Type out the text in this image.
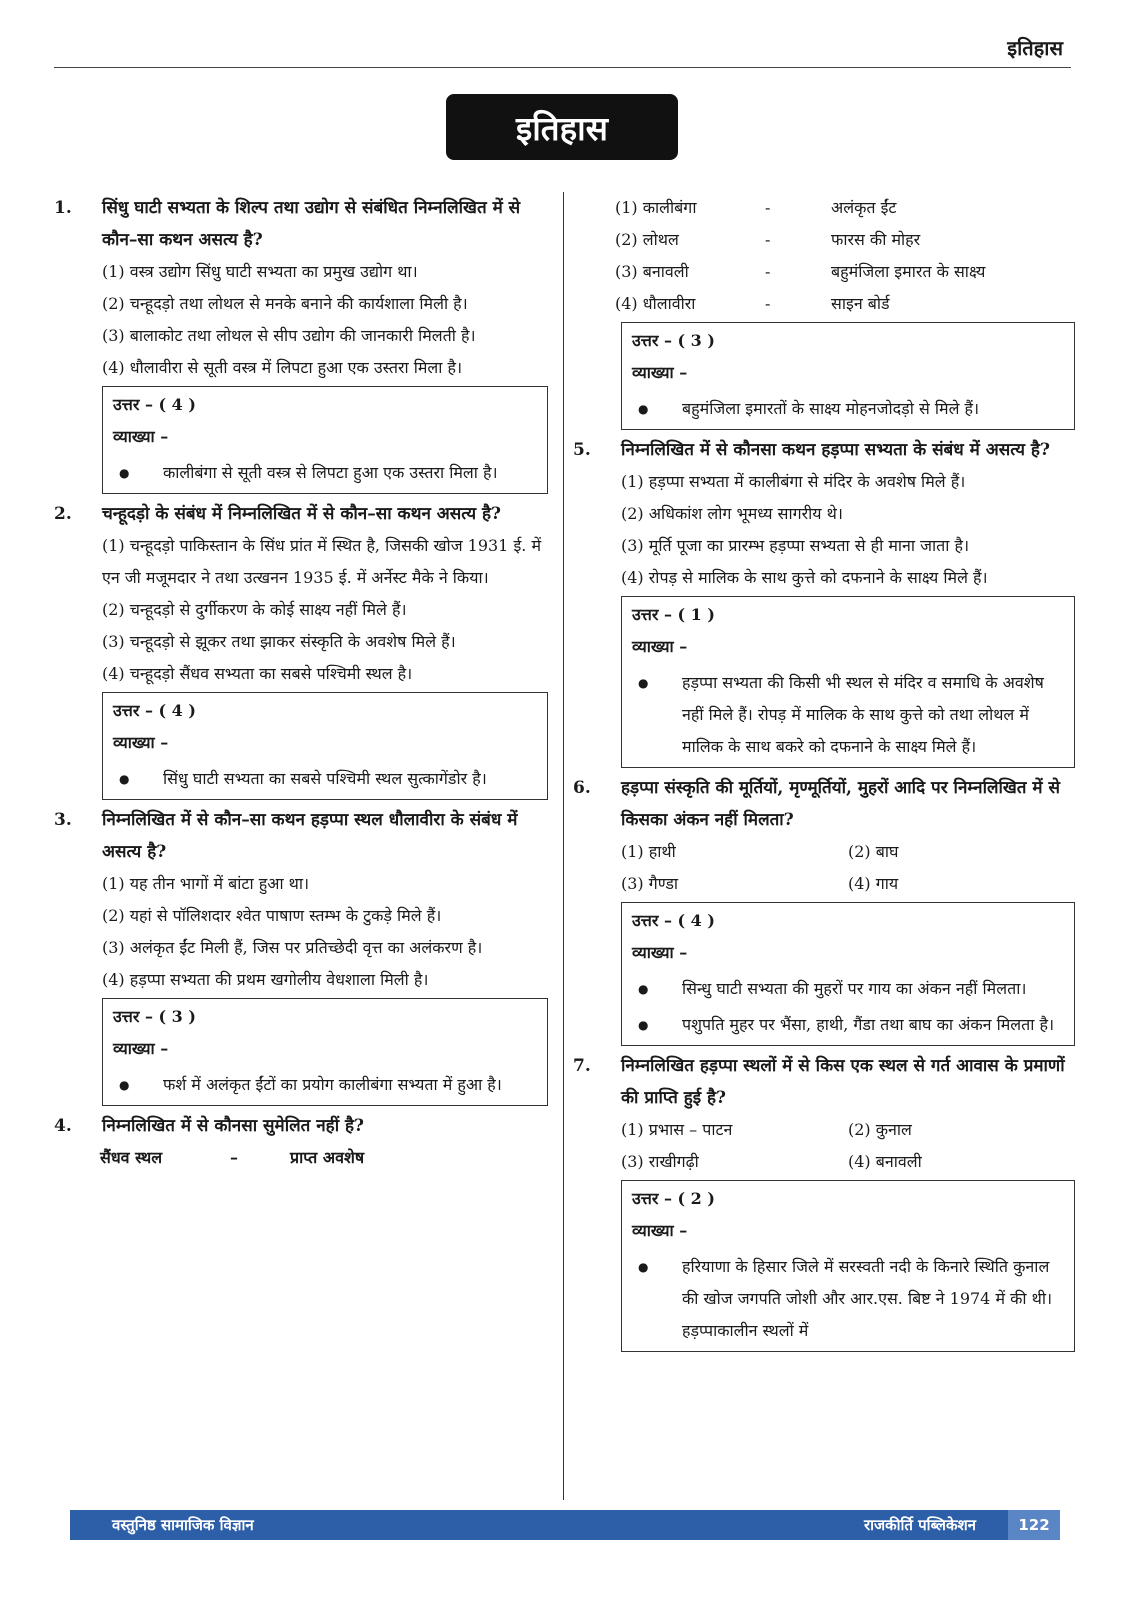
इतिहास
इतिहास
1. सिंधु घाटी सभ्यता के शिल्प तथा उद्योग से संबंधित निम्नलिखित में से कौन–सा कथन असत्य है?
(1) वस्त्र उद्योग सिंधु घाटी सभ्यता का प्रमुख उद्योग था।
(2) चन्हूदड़ो तथा लोथल से मनके बनाने की कार्यशाला मिली है।
(3) बालाकोट तथा लोथल से सीप उद्योग की जानकारी मिलती है।
(4) धौलावीरा से सूती वस्त्र में लिपटा हुआ एक उस्तरा मिला है।
उत्तर – ( 4 )
व्याख्या –
● कालीबंगा से सूती वस्त्र से लिपटा हुआ एक उस्तरा मिला है।
2. चन्हूदड़ो के संबंध में निम्नलिखित में से कौन–सा कथन असत्य है?
(1) चन्हूदड़ो पाकिस्तान के सिंध प्रांत में स्थित है, जिसकी खोज 1931 ई. में एन जी मजूमदार ने तथा उत्खनन 1935 ई. में अर्नेस्ट मैके ने किया।
(2) चन्हूदड़ो से दुर्गीकरण के कोई साक्ष्य नहीं मिले हैं।
(3) चन्हूदड़ो से झूकर तथा झाकर संस्कृति के अवशेष मिले हैं।
(4) चन्हूदड़ो सैंधव सभ्यता का सबसे पश्चिमी स्थल है।
उत्तर – ( 4 )
व्याख्या –
● सिंधु घाटी सभ्यता का सबसे पश्चिमी स्थल सुत्कागेंडोर है।
3. निम्नलिखित में से कौन–सा कथन हड़प्पा स्थल धौलावीरा के संबंध में असत्य है?
(1) यह तीन भागों में बांटा हुआ था।
(2) यहां से पॉलिशदार श्वेत पाषाण स्तम्भ के टुकड़े मिले हैं।
(3) अलंकृत ईंट मिली हैं, जिस पर प्रतिच्छेदी वृत्त का अलंकरण है।
(4) हड़प्पा सभ्यता की प्रथम खगोलीय वेधशाला मिली है।
उत्तर – ( 3 )
व्याख्या –
● फर्श में अलंकृत ईंटों का प्रयोग कालीबंगा सभ्यता में हुआ है।
4. निम्नलिखित में से कौनसा सुमेलित नहीं है?
सैंधव स्थल	–	प्राप्त अवशेष
(1) कालीबंगा	-	अलंकृत ईंट
(2) लोथल	-	फारस की मोहर
(3) बनावली	-	बहुमंजिला इमारत के साक्ष्य
(4) धौलावीरा	-	साइन बोर्ड
उत्तर – ( 3 )
व्याख्या –
● बहुमंजिला इमारतों के साक्ष्य मोहनजोदड़ो से मिले हैं।
5. निम्नलिखित में से कौनसा कथन हड़प्पा सभ्यता के संबंध में असत्य है?
(1) हड़प्पा सभ्यता में कालीबंगा से मंदिर के अवशेष मिले हैं।
(2) अधिकांश लोग भूमध्य सागरीय थे।
(3) मूर्ति पूजा का प्रारम्भ हड़प्पा सभ्यता से ही माना जाता है।
(4) रोपड़ से मालिक के साथ कुत्ते को दफनाने के साक्ष्य मिले हैं।
उत्तर – ( 1 )
व्याख्या –
● हड़प्पा सभ्यता की किसी भी स्थल से मंदिर व समाधि के अवशेष नहीं मिले हैं। रोपड़ में मालिक के साथ कुत्ते को तथा लोथल में मालिक के साथ बकरे को दफनाने के साक्ष्य मिले हैं।
6. हड़प्पा संस्कृति की मूर्तियों, मृण्मूर्तियों, मुहरों आदि पर निम्नलिखित में से किसका अंकन नहीं मिलता?
(1) हाथी	(2) बाघ
(3) गैण्डा	(4) गाय
उत्तर – ( 4 )
व्याख्या –
● सिन्धु घाटी सभ्यता की मुहरों पर गाय का अंकन नहीं मिलता।
● पशुपति मुहर पर भैंसा, हाथी, गैंडा तथा बाघ का अंकन मिलता है।
7. निम्नलिखित हड़प्पा स्थलों में से किस एक स्थल से गर्त आवास के प्रमाणों की प्राप्ति हुई है?
(1) प्रभास – पाटन	(2) कुनाल
(3) राखीगढ़ी	(4) बनावली
उत्तर – ( 2 )
व्याख्या –
● हरियाणा के हिसार जिले में सरस्वती नदी के किनारे स्थिति कुनाल की खोज जगपति जोशी और आर.एस. बिष्ट ने 1974 में की थी। हड़प्पाकालीन स्थलों में
वस्तुनिष्ठ सामाजिक विज्ञान	राजकीर्ति पब्लिकेशन	122
